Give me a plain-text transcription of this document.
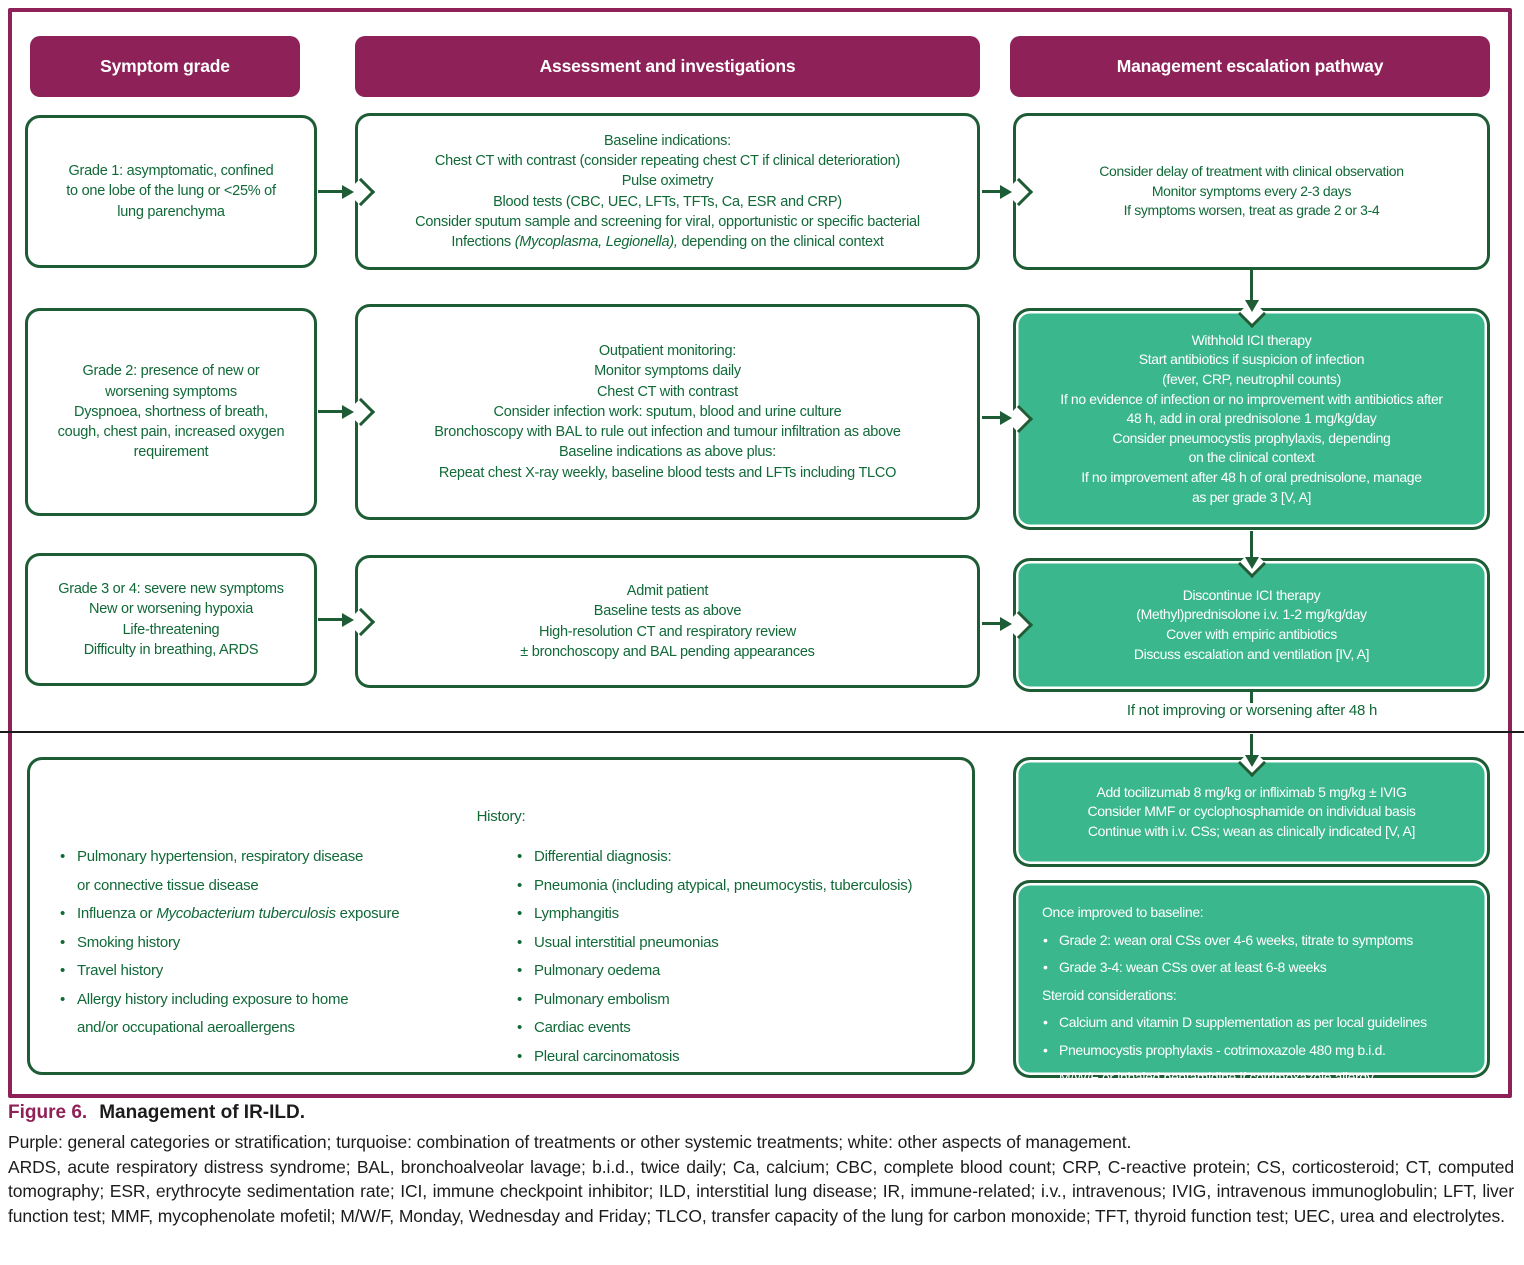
Symptom grade	Assessment and investigations	Management escalation pathway
Grade 1: asymptomatic, confined
to one lobe of the lung or <25% of
lung parenchyma
Baseline indications:
Chest CT with contrast (consider repeating chest CT if clinical deterioration)
Pulse oximetry
Blood tests (CBC, UEC, LFTs, TFTs, Ca, ESR and CRP)
Consider sputum sample and screening for viral, opportunistic or specific bacterial
Infections (Mycoplasma, Legionella), depending on the clinical context
Consider delay of treatment with clinical observation
Monitor symptoms every 2-3 days
If symptoms worsen, treat as grade 2 or 3-4
Grade 2: presence of new or
worsening symptoms
Dyspnoea, shortness of breath,
cough, chest pain, increased oxygen
requirement
Outpatient monitoring:
Monitor symptoms daily
Chest CT with contrast
Consider infection work: sputum, blood and urine culture
Bronchoscopy with BAL to rule out infection and tumour infiltration as above
Baseline indications as above plus:
Repeat chest X-ray weekly, baseline blood tests and LFTs including TLCO
Withhold ICI therapy
Start antibiotics if suspicion of infection
(fever, CRP, neutrophil counts)
If no evidence of infection or no improvement with antibiotics after
48 h, add in oral prednisolone 1 mg/kg/day
Consider pneumocystis prophylaxis, depending
on the clinical context
If no improvement after 48 h of oral prednisolone, manage
as per grade 3 [V, A]
Grade 3 or 4: severe new symptoms
New or worsening hypoxia
Life-threatening
Difficulty in breathing, ARDS
Admit patient
Baseline tests as above
High-resolution CT and respiratory review
± bronchoscopy and BAL pending appearances
Discontinue ICI therapy
(Methyl)prednisolone i.v. 1-2 mg/kg/day
Cover with empiric antibiotics
Discuss escalation and ventilation [IV, A]
If not improving or worsening after 48 h
History:
• Pulmonary hypertension, respiratory disease
or connective tissue disease
• Influenza or Mycobacterium tuberculosis exposure
• Smoking history
• Travel history
• Allergy history including exposure to home
and/or occupational aeroallergens
• Differential diagnosis:
• Pneumonia (including atypical, pneumocystis, tuberculosis)
• Lymphangitis
• Usual interstitial pneumonias
• Pulmonary oedema
• Pulmonary embolism
• Cardiac events
• Pleural carcinomatosis
Add tocilizumab 8 mg/kg or infliximab 5 mg/kg ± IVIG
Consider MMF or cyclophosphamide on individual basis
Continue with i.v. CSs; wean as clinically indicated [V, A]
Once improved to baseline:
• Grade 2: wean oral CSs over 4-6 weeks, titrate to symptoms
• Grade 3-4: wean CSs over at least 6-8 weeks
Steroid considerations:
• Calcium and vitamin D supplementation as per local guidelines
• Pneumocystis prophylaxis - cotrimoxazole 480 mg b.i.d.
M/W/F or inhaled pentamidine if cotrimoxazole allergy

Figure 6. Management of IR-ILD.

Purple: general categories or stratification; turquoise: combination of treatments or other systemic treatments; white: other aspects of management.

ARDS, acute respiratory distress syndrome; BAL, bronchoalveolar lavage; b.i.d., twice daily; Ca, calcium; CBC, complete blood count; CRP, C-reactive protein; CS, corticosteroid; CT, computed tomography; ESR, erythrocyte sedimentation rate; ICI, immune checkpoint inhibitor; ILD, interstitial lung disease; IR, immune-related; i.v., intravenous; IVIG, intravenous immunoglobulin; LFT, liver function test; MMF, mycophenolate mofetil; M/W/F, Monday, Wednesday and Friday; TLCO, transfer capacity of the lung for carbon monoxide; TFT, thyroid function test; UEC, urea and electrolytes.
